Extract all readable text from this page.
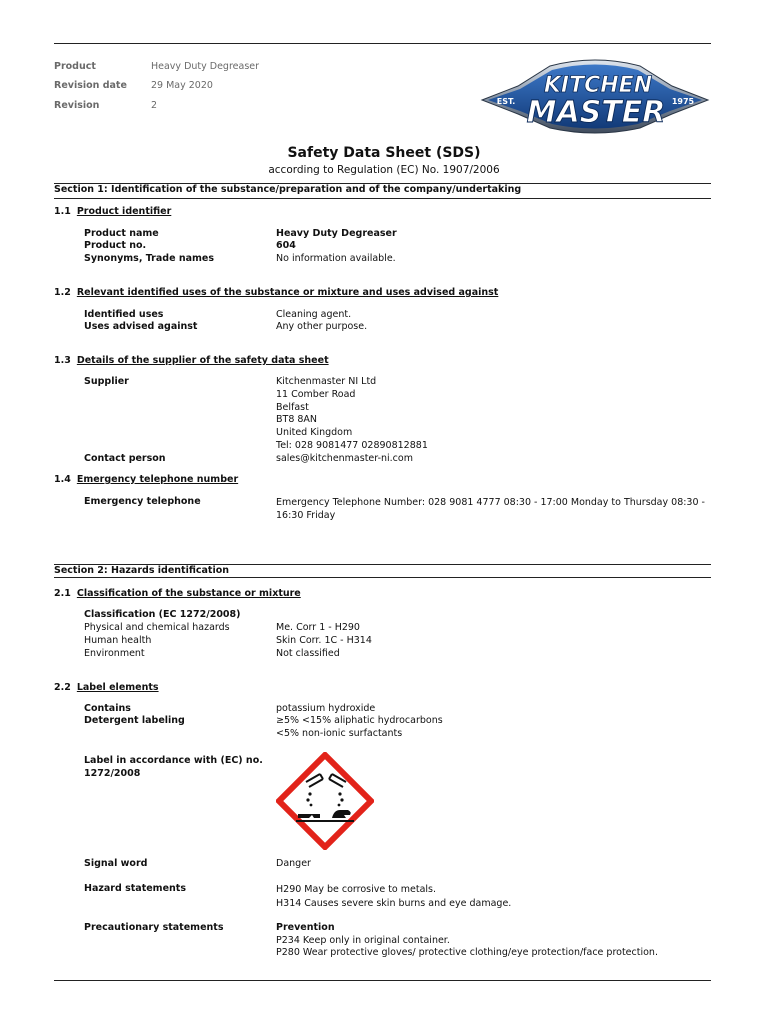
Product	Heavy Duty Degreaser
Revision date	29 May 2020
Revision	2
KITCHEN
MASTER
EST.	1975
Safety Data Sheet (SDS)
according to Regulation (EC) No. 1907/2006
Section 1: Identification of the substance/preparation and of the company/undertaking
1.1 Product identifier
Product name	Heavy Duty Degreaser
Product no.	604
Synonyms, Trade names	No information available.
1.2 Relevant identified uses of the substance or mixture and uses advised against
Identified uses	Cleaning agent.
Uses advised against	Any other purpose.
1.3 Details of the supplier of the safety data sheet
Supplier	Kitchenmaster NI Ltd
11 Comber Road
Belfast
BT8 8AN
United Kingdom
Tel: 028 9081477 02890812881
Contact person	sales@kitchenmaster-ni.com
1.4 Emergency telephone number
Emergency telephone	Emergency Telephone Number: 028 9081 4777 08:30 - 17:00 Monday to Thursday 08:30 - 16:30 Friday
Section 2: Hazards identification
2.1 Classification of the substance or mixture
Classification (EC 1272/2008)
Physical and chemical hazards	Me. Corr 1 - H290
Human health	Skin Corr. 1C - H314
Environment	Not classified
2.2 Label elements
Contains	potassium hydroxide
Detergent labeling	≥5% <15% aliphatic hydrocarbons
<5% non-ionic surfactants
Label in accordance with (EC) no.
1272/2008
Signal word	Danger
Hazard statements	H290 May be corrosive to metals.
H314 Causes severe skin burns and eye damage.
Precautionary statements	Prevention
P234 Keep only in original container.
P280 Wear protective gloves/ protective clothing/eye protection/face protection.
